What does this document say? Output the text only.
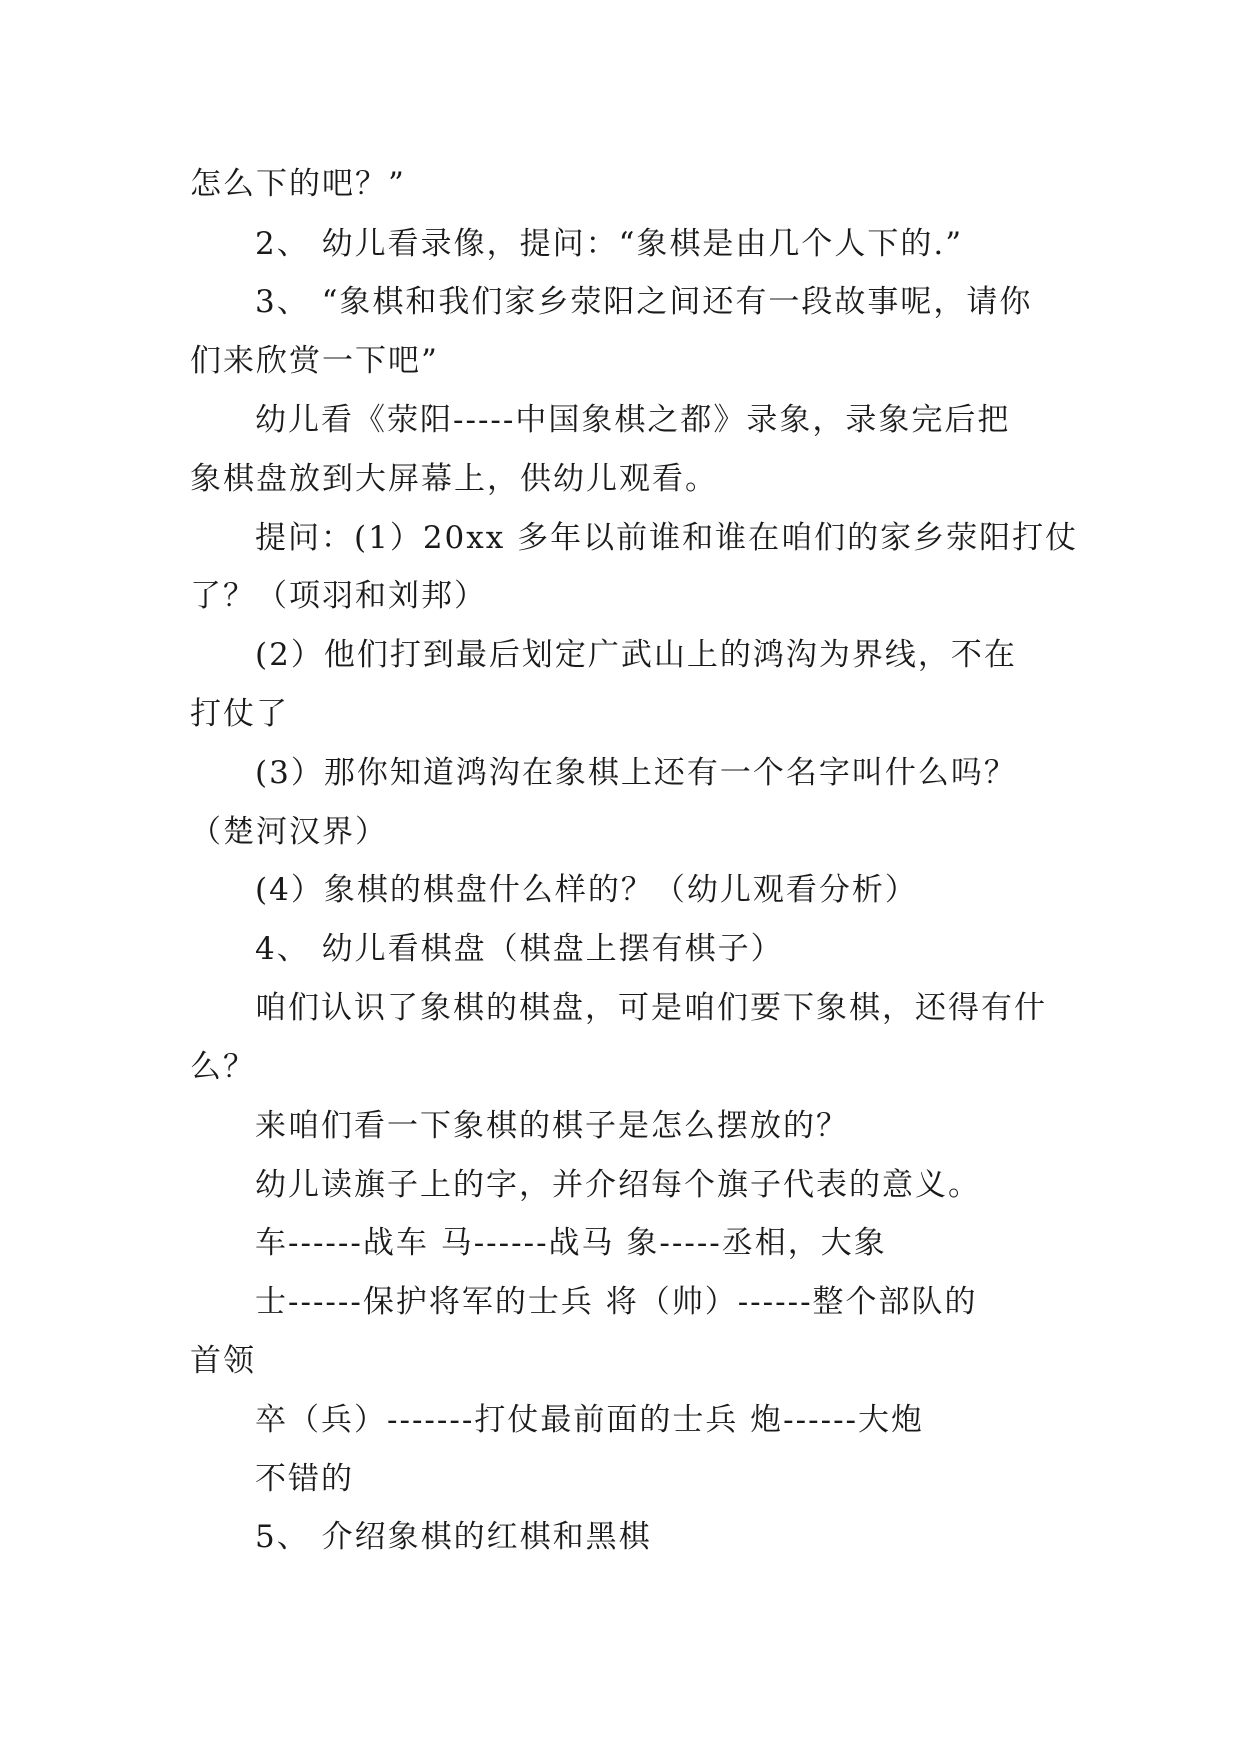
怎么下的吧？”
2、 幼儿看录像，提问：“象棋是由几个人下的.”
3、 “象棋和我们家乡荥阳之间还有一段故事呢，请你
们来欣赏一下吧”
幼儿看《荥阳-----中国象棋之都》录象，录象完后把
象棋盘放到大屏幕上，供幼儿观看。
提问：(1）20xx 多年以前谁和谁在咱们的家乡荥阳打仗
了？（项羽和刘邦）
(2）他们打到最后划定广武山上的鸿沟为界线，不在
打仗了
(3）那你知道鸿沟在象棋上还有一个名字叫什么吗？
（楚河汉界）
(4）象棋的棋盘什么样的？（幼儿观看分析）
4、 幼儿看棋盘（棋盘上摆有棋子）
咱们认识了象棋的棋盘，可是咱们要下象棋，还得有什
么？
来咱们看一下象棋的棋子是怎么摆放的？
幼儿读旗子上的字，并介绍每个旗子代表的意义。
车------战车 马------战马 象-----丞相，大象
士------保护将军的士兵 将（帅）------整个部队的
首领
卒（兵）-------打仗最前面的士兵 炮------大炮
不错的
5、 介绍象棋的红棋和黑棋
